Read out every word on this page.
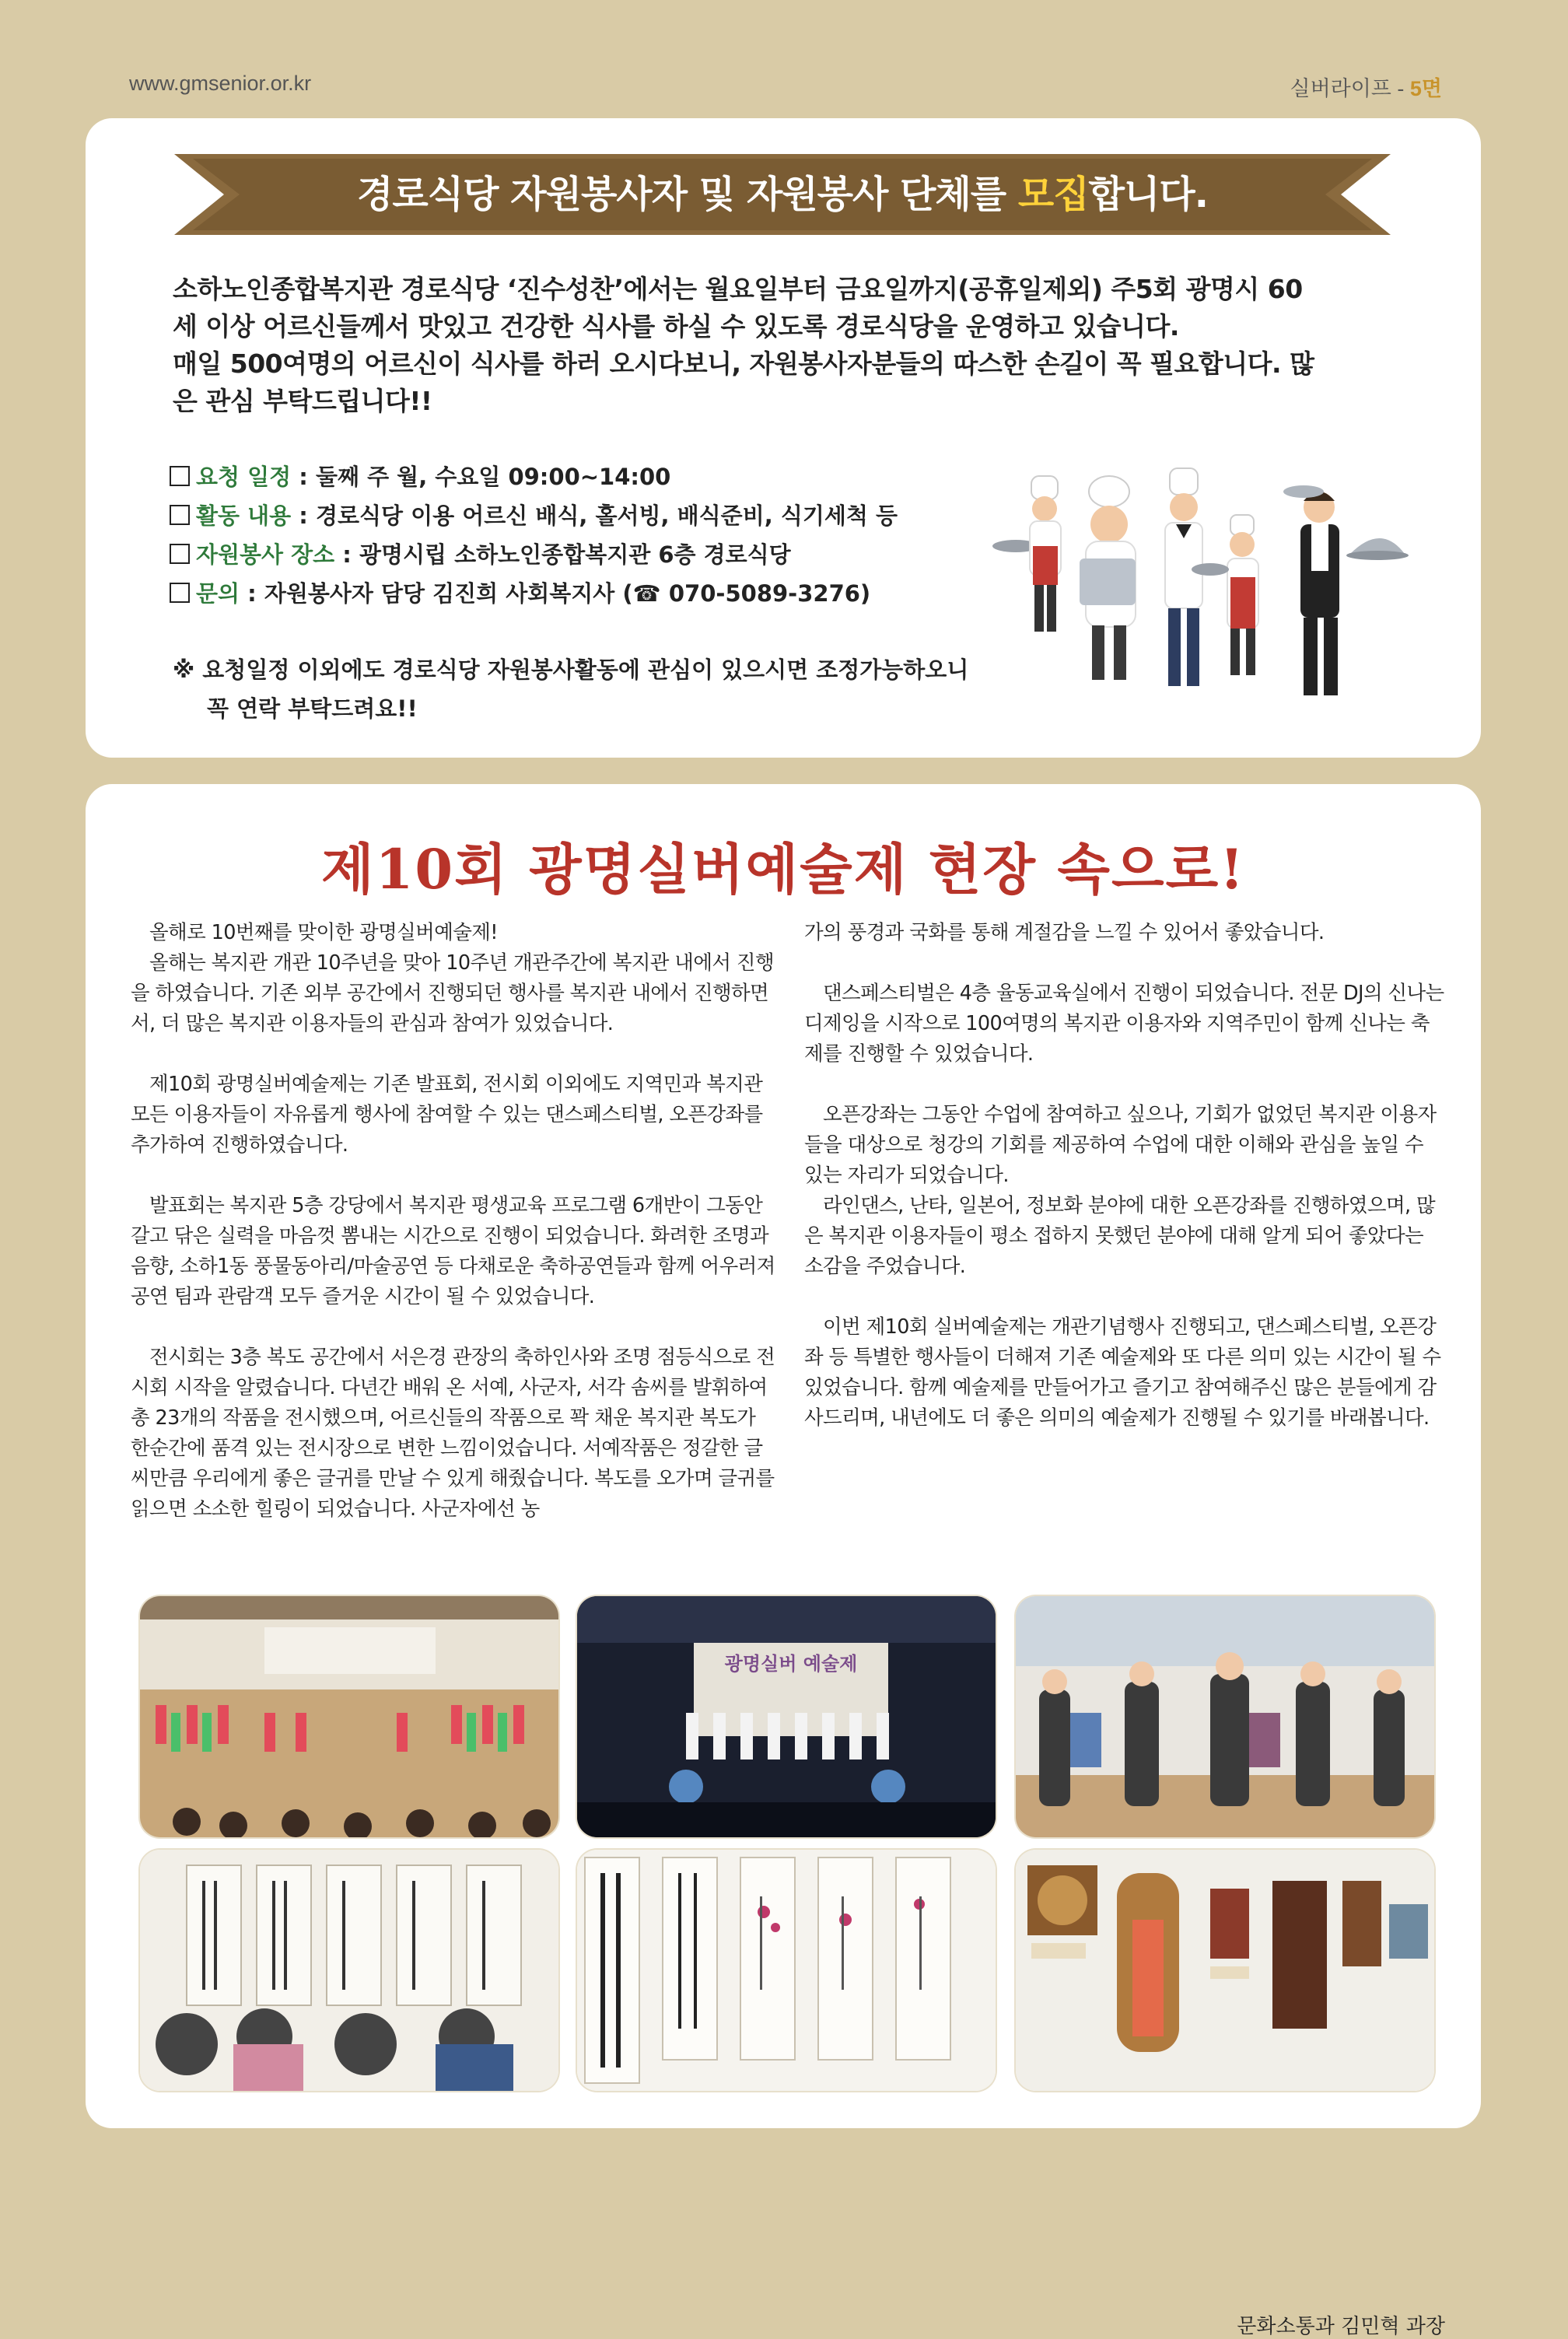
www.gmsenior.or.kr	실버라이프 - 5면
경로식당 자원봉사자 및 자원봉사 단체를 모집합니다.

소하노인종합복지관 경로식당 ‘진수성찬’에서는 월요일부터 금요일까지(공휴일제외) 주5회 광명시 60

세 이상 어르신들께서 맛있고 건강한 식사를 하실 수 있도록 경로식당을 운영하고 있습니다.

매일 500여명의 어르신이 식사를 하러 오시다보니, 자원봉사자분들의 따스한 손길이 꼭 필요합니다. 많

은 관심 부탁드립니다!!

요청 일정 : 둘째 주 월, 수요일 09:00~14:00
활동 내용 : 경로식당 이용 어르신 배식, 홀서빙, 배식준비, 식기세척 등
자원봉사 장소 : 광명시립 소하노인종합복지관 6층 경로식당
문의 : 자원봉사자 담당 김진희 사회복지사 (☎ 070-5089-3276)

※ 요청일정 이외에도 경로식당 자원봉사활동에 관심이 있으시면 조정가능하오니

꼭 연락 부탁드려요!!

제10회 광명실버예술제 현장 속으로!

올해로 10번째를 맞이한 광명실버예술제!

올해는 복지관 개관 10주년을 맞아 10주년 개관주간에 복지관 내에서 진행을 하였습니다. 기존 외부 공간에서 진행되던 행사를 복지관 내에서 진행하면서, 더 많은 복지관 이용자들의 관심과 참여가 있었습니다.

제10회 광명실버예술제는 기존 발표회, 전시회 이외에도 지역민과 복지관 모든 이용자들이 자유롭게 행사에 참여할 수 있는 댄스페스티벌, 오픈강좌를 추가하여 진행하였습니다.

발표회는 복지관 5층 강당에서 복지관 평생교육 프로그램 6개반이 그동안 갈고 닦은 실력을 마음껏 뽐내는 시간으로 진행이 되었습니다. 화려한 조명과 음향, 소하1동 풍물동아리/마술공연 등 다채로운 축하공연들과 함께 어우러져 공연 팀과 관람객 모두 즐거운 시간이 될 수 있었습니다.

전시회는 3층 복도 공간에서 서은경 관장의 축하인사와 조명 점등식으로 전시회 시작을 알렸습니다. 다년간 배워 온 서예, 사군자, 서각 솜씨를 발휘하여 총 23개의 작품을 전시했으며, 어르신들의 작품으로 꽉 채운 복지관 복도가 한순간에 품격 있는 전시장으로 변한 느낌이었습니다. 서예작품은 정갈한 글씨만큼 우리에게 좋은 글귀를 만날 수 있게 해줬습니다. 복도를 오가며 글귀를 읽으면 소소한 힐링이 되었습니다. 사군자에선 농

가의 풍경과 국화를 통해 계절감을 느낄 수 있어서 좋았습니다.

댄스페스티벌은 4층 율동교육실에서 진행이 되었습니다. 전문 DJ의 신나는 디제잉을 시작으로 100여명의 복지관 이용자와 지역주민이 함께 신나는 축제를 진행할 수 있었습니다.

오픈강좌는 그동안 수업에 참여하고 싶으나, 기회가 없었던 복지관 이용자들을 대상으로 청강의 기회를 제공하여 수업에 대한 이해와 관심을 높일 수 있는 자리가 되었습니다.

라인댄스, 난타, 일본어, 정보화 분야에 대한 오픈강좌를 진행하였으며, 많은 복지관 이용자들이 평소 접하지 못했던 분야에 대해 알게 되어 좋았다는 소감을 주었습니다.

이번 제10회 실버예술제는 개관기념행사 진행되고, 댄스페스티벌, 오픈강좌 등 특별한 행사들이 더해져 기존 예술제와 또 다른 의미 있는 시간이 될 수 있었습니다. 함께 예술제를 만들어가고 즐기고 참여해주신 많은 분들에게 감사드리며, 내년에도 더 좋은 의미의 예술제가 진행될 수 있기를 바래봅니다.

문화소통과 김민혁 과장
광명실버 예술제
